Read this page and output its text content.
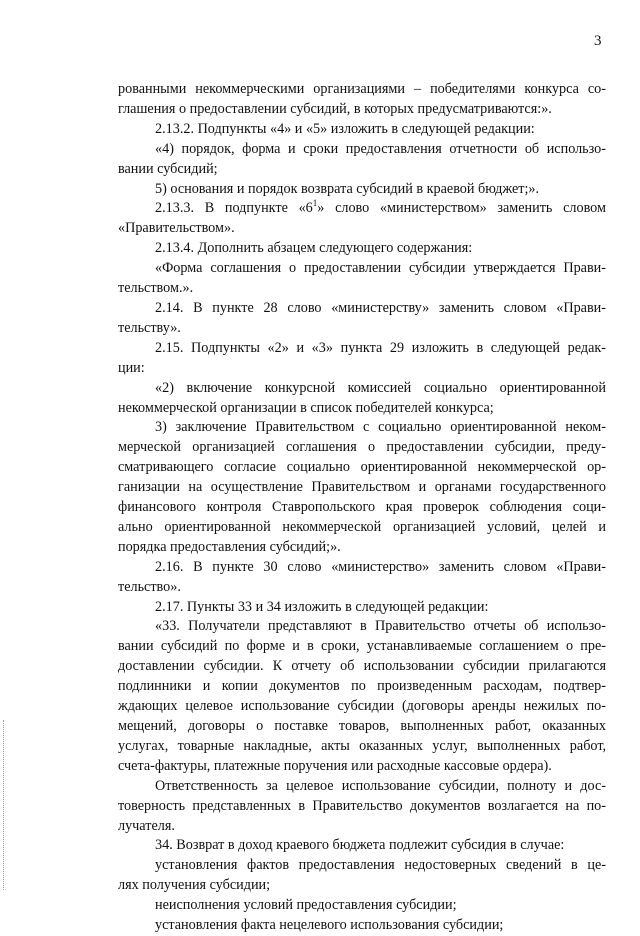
3

рованными некоммерческими организациями – победителями конкурса со-

глашения о предоставлении субсидий, в которых предусматриваются:».

2.13.2. Подпункты «4» и «5» изложить в следующей редакции:

«4) порядок, форма и сроки предоставления отчетности об использо-

вании субсидий;

5) основания и порядок возврата субсидий в краевой бюджет;».

2.13.3. В подпункте «$6^1$» слово «министерством» заменить словом

«Правительством».

2.13.4. Дополнить абзацем следующего содержания:

«Форма соглашения о предоставлении субсидии утверждается Прави-

тельством.».

2.14. В пункте 28 слово «министерству» заменить словом «Прави-

тельству».

2.15. Подпункты «2» и «3» пункта 29 изложить в следующей редак-

ции:

«2) включение конкурсной комиссией социально ориентированной

некоммерческой организации в список победителей конкурса;

3) заключение Правительством с социально ориентированной неком-

мерческой организацией соглашения о предоставлении субсидии, преду-

сматривающего согласие социально ориентированной некоммерческой ор-

ганизации на осуществление Правительством и органами государственного

финансового контроля Ставропольского края проверок соблюдения соци-

ально ориентированной некоммерческой организацией условий, целей и

порядка предоставления субсидий;».

2.16. В пункте 30 слово «министерство» заменить словом «Прави-

тельство».

2.17. Пункты 33 и 34 изложить в следующей редакции:

«33. Получатели представляют в Правительство отчеты об использо-

вании субсидий по форме и в сроки, устанавливаемые соглашением о пре-

доставлении субсидии. К отчету об использовании субсидии прилагаются

подлинники и копии документов по произведенным расходам, подтвер-

ждающих целевое использование субсидии (договоры аренды нежилых по-

мещений, договоры о поставке товаров, выполненных работ, оказанных

услугах, товарные накладные, акты оказанных услуг, выполненных работ,

счета-фактуры, платежные поручения или расходные кассовые ордера).

Ответственность за целевое использование субсидии, полноту и дос-

товерность представленных в Правительство документов возлагается на по-

лучателя.

34. Возврат в доход краевого бюджета подлежит субсидия в случае:

установления фактов предоставления недостоверных сведений в це-

лях получения субсидии;

неисполнения условий предоставления субсидии;

установления факта нецелевого использования субсидии;
